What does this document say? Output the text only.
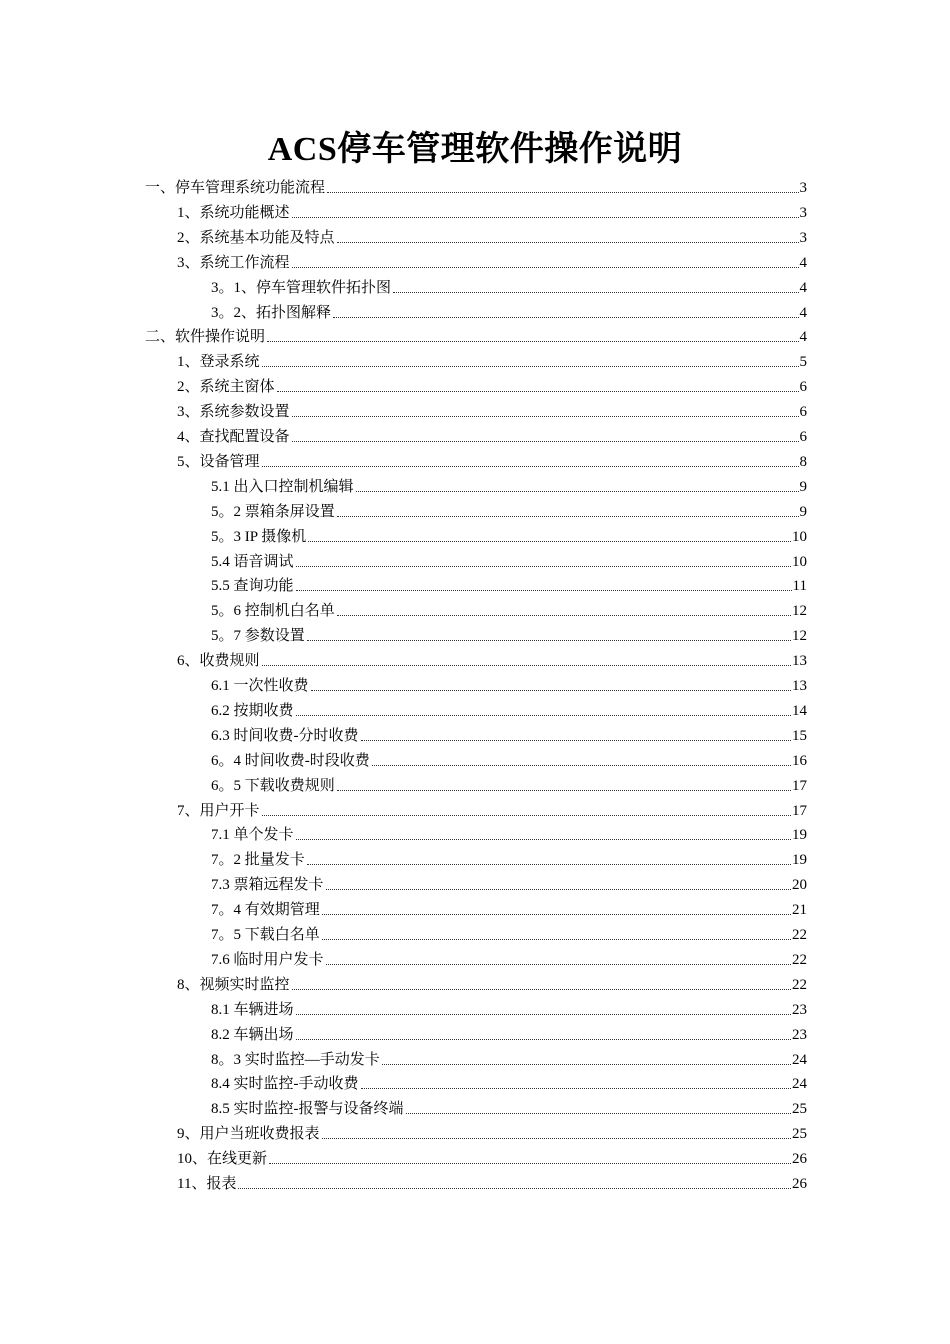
ACS停车管理软件操作说明
一、停车管理系统功能流程	3
1、系统功能概述	3
2、系统基本功能及特点	3
3、系统工作流程	4
3。1、停车管理软件拓扑图	4
3。2、拓扑图解释	4
二、软件操作说明	4
1、登录系统	5
2、系统主窗体	6
3、系统参数设置	6
4、查找配置设备	6
5、设备管理	8
5.1 出入口控制机编辑	9
5。2 票箱条屏设置	9
5。3 IP 摄像机	10
5.4 语音调试	10
5.5 查询功能	11
5。6 控制机白名单	12
5。7 参数设置	12
6、收费规则	13
6.1 一次性收费	13
6.2 按期收费	14
6.3 时间收费-分时收费	15
6。4 时间收费-时段收费	16
6。5 下载收费规则	17
7、用户开卡	17
7.1 单个发卡	19
7。2 批量发卡	19
7.3 票箱远程发卡	20
7。4 有效期管理	21
7。5 下载白名单	22
7.6 临时用户发卡	22
8、视频实时监控	22
8.1 车辆进场	23
8.2 车辆出场	23
8。3 实时监控—手动发卡	24
8.4 实时监控-手动收费	24
8.5 实时监控-报警与设备终端	25
9、用户当班收费报表	25
10、在线更新	26
11、报表	26
